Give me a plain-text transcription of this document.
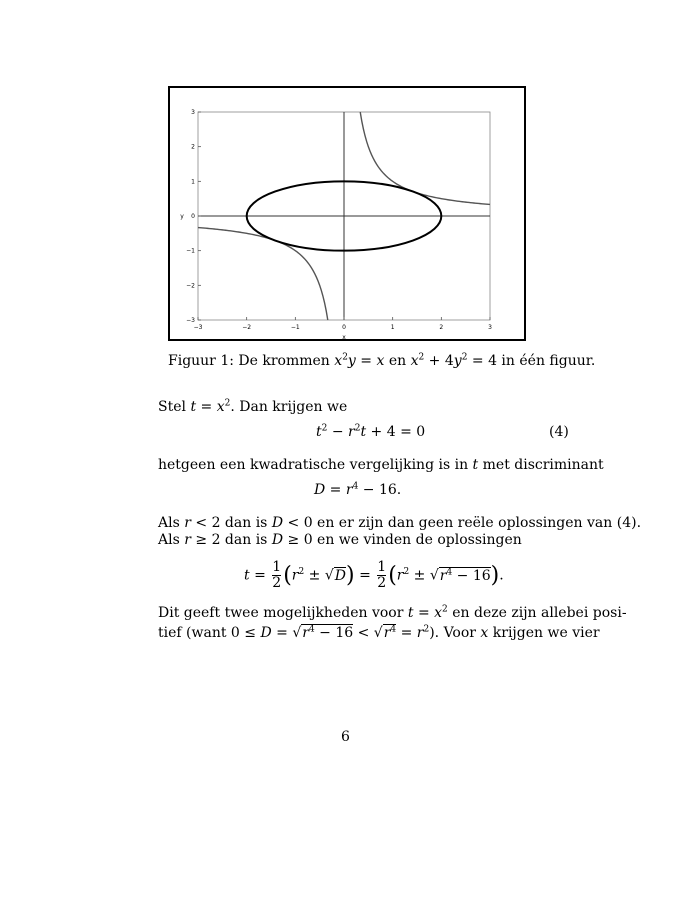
−3	−2	−1	0	1	2	3
−3
−2
−1
0
1
2
3
x
y
Figuur 1: De krommen $x^2y = x$ en $x^2 + 4y^2 = 4$ in één figuur.
Stel $t = x^2$. Dan krijgen we
$t^2 - r^2t + 4 = 0$	(4)
hetgeen een kwadratische vergelijking is in t met discriminant
$D = r^4 - 16$.
Als r < 2 dan is D < 0 en er zijn dan geen reële oplossingen van (4).
Als r ≥ 2 dan is D ≥ 0 en we vinden de oplossingen
$t = \frac{1}{2} (r^2 \pm √D) = \frac{1}{2} (r^2 \pm √r^4 - 16)$.
Dit geeft twee mogelijkheden voor $t = x^2$ en deze zijn allebei posi-
tief (want $0 \le D = √r^4 - 16 < √r^4 = r^2$). Voor x krijgen we vier
6
